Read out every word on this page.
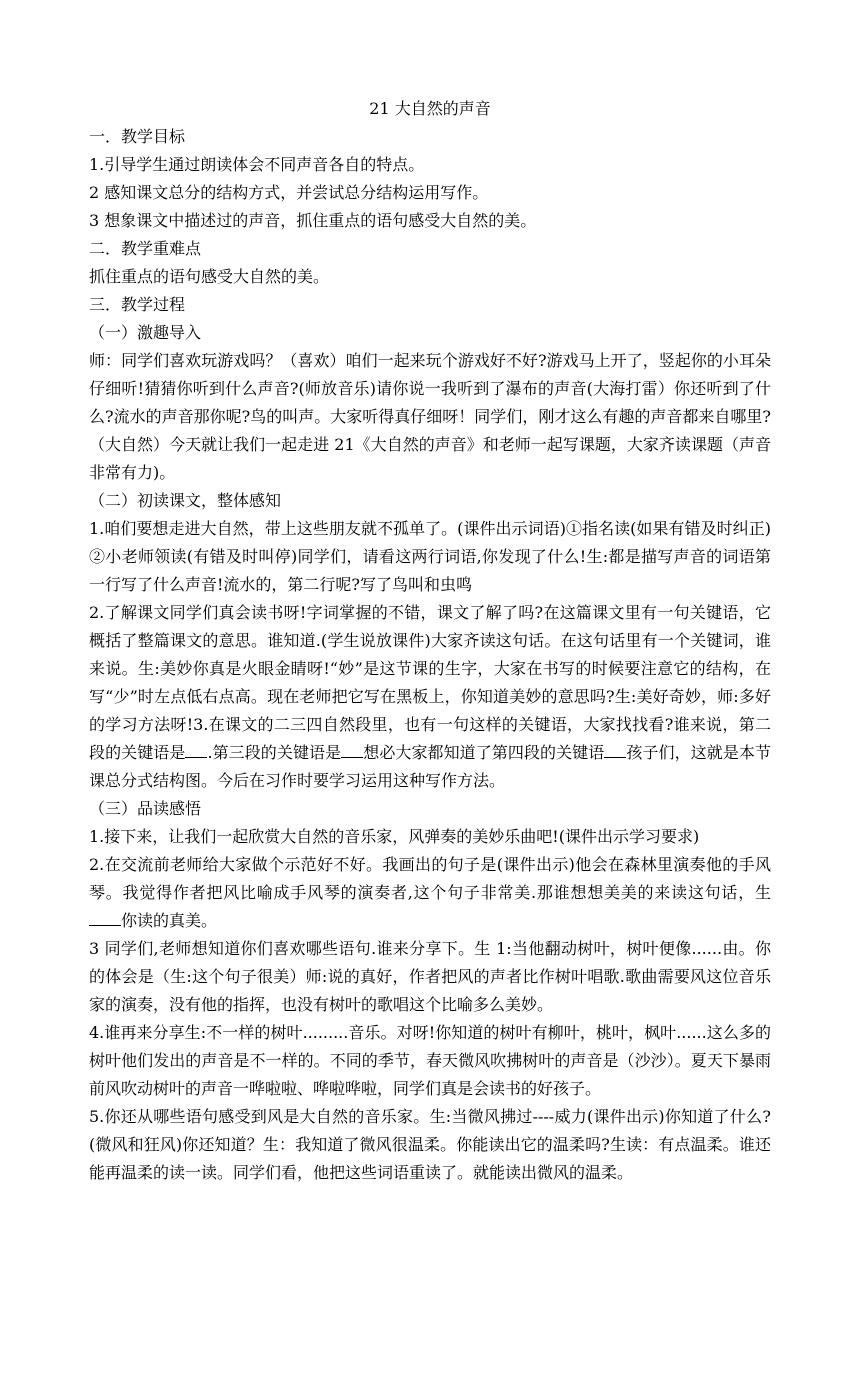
21 大自然的声音

一．教学目标

1.引导学生通过朗读体会不同声音各自的特点。

2 感知课文总分的结构方式，并尝试总分结构运用写作。

3 想象课文中描述过的声音，抓住重点的语句感受大自然的美。

二．教学重难点

抓住重点的语句感受大自然的美。

三．教学过程

（一）激趣导入

师：同学们喜欢玩游戏吗？（喜欢）咱们一起来玩个游戏好不好?游戏马上开了，竖起你的小耳朵仔细听!猜猜你听到什么声音?(师放音乐)请你说一我听到了瀑布的声音(大海打雷）你还听到了什么?流水的声音那你呢?鸟的叫声。大家听得真仔细呀！同学们，刚才这么有趣的声音都来自哪里?（大自然）今天就让我们一起走进 21《大自然的声音》和老师一起写课题，大家齐读课题（声音非常有力)。

（二）初读课文，整体感知

1.咱们要想走进大自然，带上这些朋友就不孤单了。(课件出示词语)①指名读(如果有错及时纠正)②小老师领读(有错及时叫停)同学们，请看这两行词语,你发现了什么!生:都是描写声音的词语第一行写了什么声音!流水的，第二行呢?写了鸟叫和虫鸣

2.了解课文同学们真会读书呀!字词掌握的不错，课文了解了吗?在这篇课文里有一句关键语，它概括了整篇课文的意思。谁知道.(学生说放课件)大家齐读这句话。在这句话里有一个关键词，谁来说。生:美妙你真是火眼金睛呀!“妙”是这节课的生字，大家在书写的时候要注意它的结构，在写“少”时左点低右点高。现在老师把它写在黑板上，你知道美妙的意思吗?生:美好奇妙，师:多好的学习方法呀!3.在课文的二三四自然段里，也有一句这样的关键语，大家找找看?谁来说，第二段的关键语是 .第三段的关键语是 想必大家都知道了第四段的关键语 孩子们，这就是本节课总分式结构图。今后在习作时要学习运用这种写作方法。

（三）品读感悟

1.接下来，让我们一起欣赏大自然的音乐家，风弹奏的美妙乐曲吧!(课件出示学习要求)

2.在交流前老师给大家做个示范好不好。我画出的句子是(课件出示)他会在森林里演奏他的手风琴。我觉得作者把风比喻成手风琴的演奏者,这个句子非常美.那谁想想美美的来读这句话，生你读的真美。

3 同学们,老师想知道你们喜欢哪些语句.谁来分享下。生 1:当他翻动树叶，树叶便像......由。你的体会是（生:这个句子很美）师:说的真好，作者把风的声者比作树叶唱歌.歌曲需要风这位音乐家的演奏，没有他的指挥，也没有树叶的歌唱这个比喻多么美妙。

4.谁再来分享生:不一样的树叶.........音乐。对呀!你知道的树叶有柳叶，桃叶，枫叶......这么多的树叶他们发出的声音是不一样的。不同的季节，春天微风吹拂树叶的声音是（沙沙）。夏天下暴雨前风吹动树叶的声音一哗啦啦、哗啦哗啦，同学们真是会读书的好孩子。

5.你还从哪些语句感受到风是大自然的音乐家。生:当微风拂过----威力(课件出示)你知道了什么?(微风和狂风)你还知道？生：我知道了微风很温柔。你能读出它的温柔吗?生读：有点温柔。谁还能再温柔的读一读。同学们看，他把这些词语重读了。就能读出微风的温柔。
